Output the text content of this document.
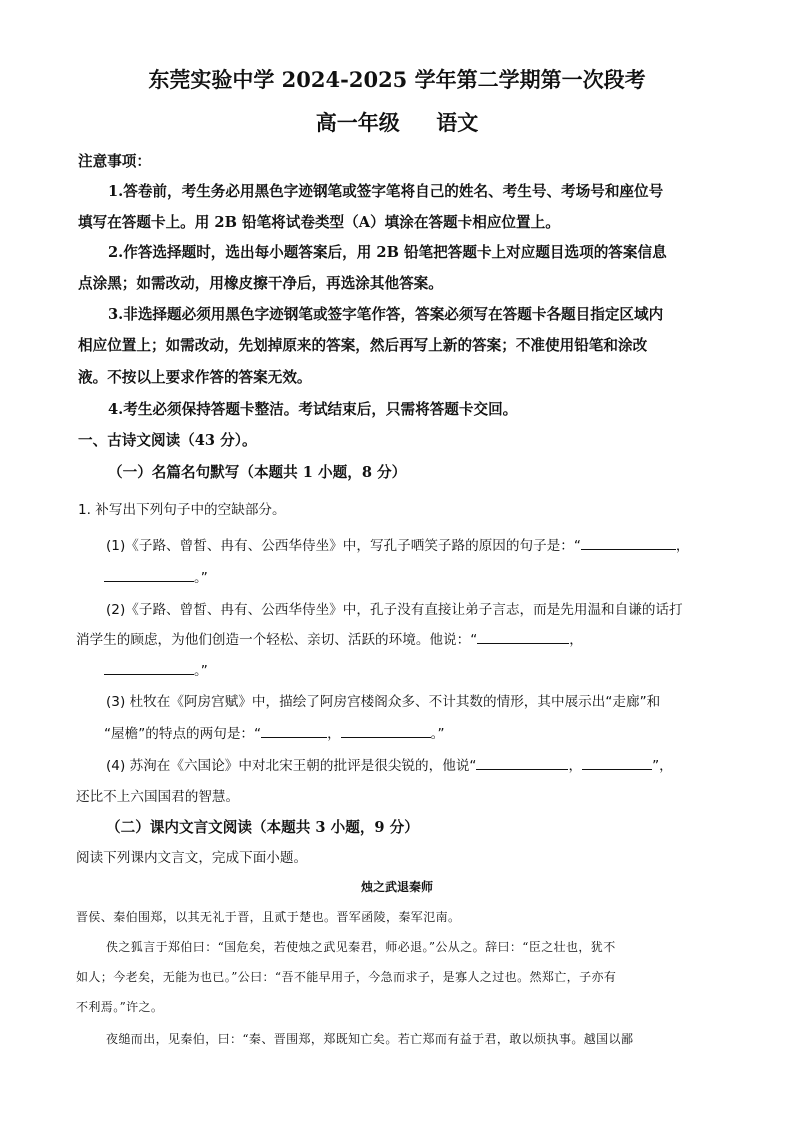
东莞实验中学 2024-2025 学年第二学期第一次段考
高一年级     语文
注意事项：
1.答卷前，考生务必用黑色字迹钢笔或签字笔将自己的姓名、考生号、考场号和座位号
填写在答题卡上。用 2B 铅笔将试卷类型（A）填涂在答题卡相应位置上。
2.作答选择题时，选出每小题答案后，用 2B 铅笔把答题卡上对应题目选项的答案信息
点涂黑；如需改动，用橡皮擦干净后，再选涂其他答案。
3.非选择题必须用黑色字迹钢笔或签字笔作答，答案必须写在答题卡各题目指定区域内
相应位置上；如需改动，先划掉原来的答案，然后再写上新的答案；不准使用铅笔和涂改
液。不按以上要求作答的答案无效。
4.考生必须保持答题卡整洁。考试结束后，只需将答题卡交回。
一、古诗文阅读（43 分）。
（一）名篇名句默写（本题共 1 小题，8 分）
1. 补写出下列句子中的空缺部分。
(1)《子路、曾皙、冉有、公西华侍坐》中，写孔子哂笑子路的原因的句子是：“	，
。”
(2)《子路、曾皙、冉有、公西华侍坐》中，孔子没有直接让弟子言志，而是先用温和自谦的话打
消学生的顾虑，为他们创造一个轻松、亲切、活跃的环境。他说：“	，
。”
(3) 杜牧在《阿房宫赋》中，描绘了阿房宫楼阁众多、不计其数的情形，其中展示出“走廊”和
“屋檐”的特点的两句是：“	，	。”
(4) 苏洵在《六国论》中对北宋王朝的批评是很尖锐的，他说“	，	”，
还比不上六国国君的智慧。
（二）课内文言文阅读（本题共 3 小题，9 分）
阅读下列课内文言文，完成下面小题。
烛之武退秦师
晋侯、秦伯围郑，以其无礼于晋，且贰于楚也。晋军函陵，秦军氾南。
佚之狐言于郑伯曰：“国危矣，若使烛之武见秦君，师必退。”公从之。辞曰：“臣之壮也，犹不
如人；今老矣，无能为也已。”公曰：“吾不能早用子，今急而求子，是寡人之过也。然郑亡，子亦有
不利焉。”许之。
夜缒而出，见秦伯，曰：“秦、晋围郑，郑既知亡矣。若亡郑而有益于君，敢以烦执事。越国以鄙
